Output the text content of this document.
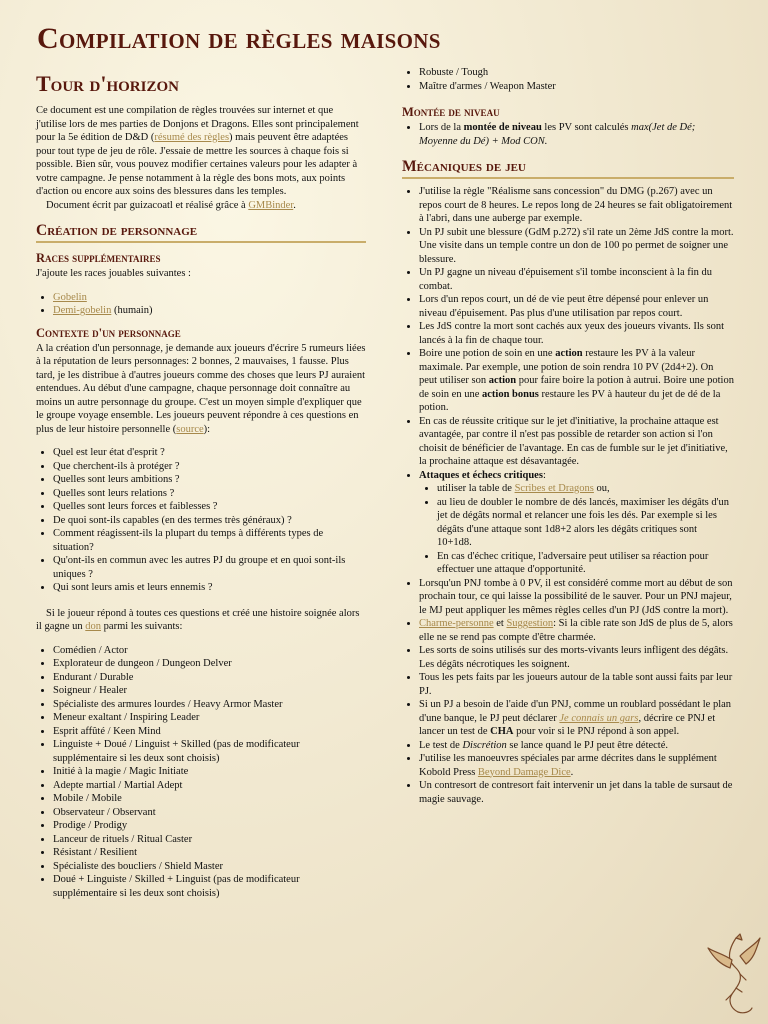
Compilation de règles maisons
Tour d'horizon

Ce document est une compilation de règles trouvées sur internet et que j'utilise lors de mes parties de Donjons et Dragons. Elles sont principalement pour la 5e édition de D&D (résumé des règles) mais peuvent être adaptées pour tout type de jeu de rôle. J'essaie de mettre les sources à chaque fois si possible. Bien sûr, vous pouvez modifier certaines valeurs pour les adapter à votre campagne. Je pense notamment à la règle des bons mots, aux points d'action ou encore aux soins des blessures dans les temples.

Document écrit par guizacoatl et réalisé grâce à GMBinder.

Création de personnage
Races supplémentaires

J'ajoute les races jouables suivantes :

• Gobelin
• Demi-gobelin (humain)
Contexte d'un personnage

A la création d'un personnage, je demande aux joueurs d'écrire 5 rumeurs liées à la réputation de leurs personnages: 2 bonnes, 2 mauvaises, 1 fausse. Plus tard, je les distribue à d'autres joueurs comme des choses que leurs PJ auraient entendues. Au début d'une campagne, chaque personnage doit connaître au moins un autre personnage du groupe. C'est un moyen simple d'expliquer que le groupe voyage ensemble. Les joueurs peuvent répondre à ces questions en plus de leur histoire personnelle (source):

• Quel est leur état d'esprit ?
• Que cherchent-ils à protéger ?
• Quelles sont leurs ambitions ?
• Quelles sont leurs relations ?
• Quelles sont leurs forces et faiblesses ?
• De quoi sont-ils capables (en des termes très généraux) ?
• Comment réagissent-ils la plupart du temps à différents types de situation?
• Qu'ont-ils en commun avec les autres PJ du groupe et en quoi sont-ils uniques ?
• Qui sont leurs amis et leurs ennemis ?

Si le joueur répond à toutes ces questions et créé une histoire soignée alors il gagne un don parmi les suivants:

• Comédien / Actor
• Explorateur de dungeon / Dungeon Delver
• Endurant / Durable
• Soigneur / Healer
• Spécialiste des armures lourdes / Heavy Armor Master
• Meneur exaltant / Inspiring Leader
• Esprit affûté / Keen Mind
• Linguiste + Doué / Linguist + Skilled (pas de modificateur supplémentaire si les deux sont choisis)
• Initié à la magie / Magic Initiate
• Adepte martial / Martial Adept
• Mobile / Mobile
• Observateur / Observant
• Prodige / Prodigy
• Lanceur de rituels / Ritual Caster
• Résistant / Resilient
• Spécialiste des boucliers / Shield Master
• Doué + Linguiste / Skilled + Linguist (pas de modificateur supplémentaire si les deux sont choisis)
• Robuste / Tough
• Maître d'armes / Weapon Master
Montée de niveau
• Lors de la montée de niveau les PV sont calculés max(Jet de Dé; Moyenne du Dé) + Mod CON.
Mécaniques de jeu
• J'utilise la règle "Réalisme sans concession" du DMG (p.267) avec un repos court de 8 heures. Le repos long de 24 heures se fait obligatoirement à l'abri, dans une auberge par exemple.
• Un PJ subit une blessure (GdM p.272) s'il rate un 2ème JdS contre la mort. Une visite dans un temple contre un don de 100 po permet de soigner une blessure.
• Un PJ gagne un niveau d'épuisement s'il tombe inconscient à la fin du combat.
• Lors d'un repos court, un dé de vie peut être dépensé pour enlever un niveau d'épuisement. Pas plus d'une utilisation par repos court.
• Les JdS contre la mort sont cachés aux yeux des joueurs vivants. Ils sont lancés à la fin de chaque tour.
• Boire une potion de soin en une action restaure les PV à la valeur maximale. Par exemple, une potion de soin rendra 10 PV (2d4+2). On peut utiliser son action pour faire boire la potion à autrui. Boire une potion de soin en une action bonus restaure les PV à hauteur du jet de dé de la potion.
• En cas de réussite critique sur le jet d'initiative, la prochaine attaque est avantagée, par contre il n'est pas possible de retarder son action si l'on choisit de bénéficier de l'avantage. En cas de fumble sur le jet d'initiative, la prochaine attaque est désavantagée.
• Attaques et échecs critiques:
• utiliser la table de Scribes et Dragons ou,
• au lieu de doubler le nombre de dés lancés, maximiser les dégâts d'un jet de dégâts normal et relancer une fois les dés. Par exemple si les dégâts d'une attaque sont 1d8+2 alors les dégâts critiques sont 10+1d8.
• En cas d'échec critique, l'adversaire peut utiliser sa réaction pour effectuer une attaque d'opportunité.
• Lorsqu'un PNJ tombe à 0 PV, il est considéré comme mort au début de son prochain tour, ce qui laisse la possibilité de le sauver. Pour un PNJ majeur, le MJ peut appliquer les mêmes règles celles d'un PJ (JdS contre la mort).
• Charme-personne et Suggestion: Si la cible rate son JdS de plus de 5, alors elle ne se rend pas compte d'être charmée.
• Les sorts de soins utilisés sur des morts-vivants leurs infligent des dégâts. Les dégâts nécrotiques les soignent.
• Tous les pets faits par les joueurs autour de la table sont aussi faits par leur PJ.
• Si un PJ a besoin de l'aide d'un PNJ, comme un roublard possédant le plan d'une banque, le PJ peut déclarer Je connais un gars, décrire ce PNJ et lancer un test de CHA pour voir si le PNJ répond à son appel.
• Le test de Discrétion se lance quand le PJ peut être détecté.
• J'utilise les manoeuvres spéciales par arme décrites dans le supplément Kobold Press Beyond Damage Dice.
• Un contresort de contresort fait intervenir un jet dans la table de sursaut de magie sauvage.
